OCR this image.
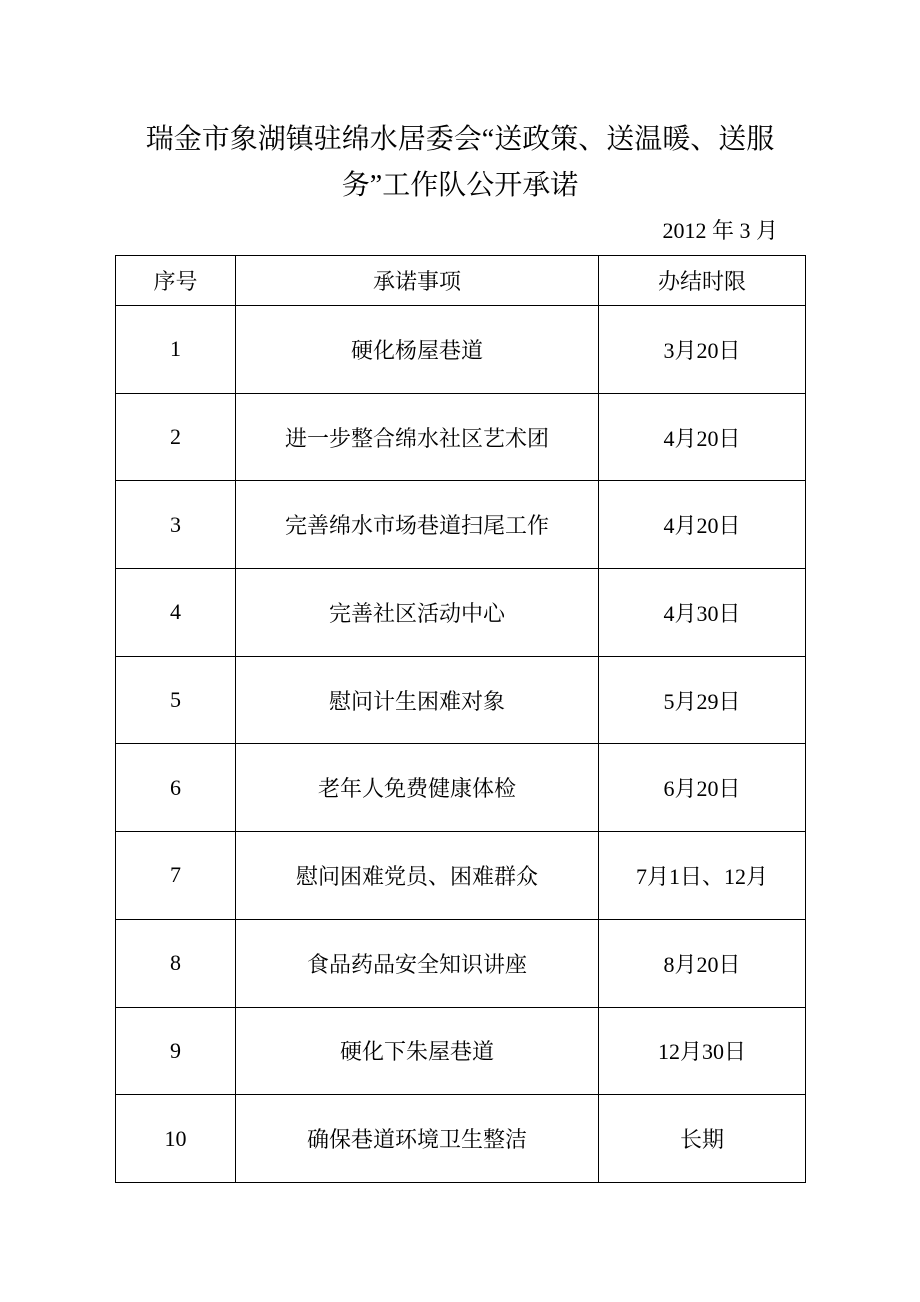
瑞金市象湖镇驻绵水居委会“送政策、送温暖、送服
务”工作队公开承诺
2012 年 3 月
序号	承诺事项	办结时限
1	硬化杨屋巷道	3月20日
2	进一步整合绵水社区艺术团	4月20日
3	完善绵水市场巷道扫尾工作	4月20日
4	完善社区活动中心	4月30日
5	慰问计生困难对象	5月29日
6	老年人免费健康体检	6月20日
7	慰问困难党员、困难群众	7月1日、12月
8	食品药品安全知识讲座	8月20日
9	硬化下朱屋巷道	12月30日
10	确保巷道环境卫生整洁	长期
